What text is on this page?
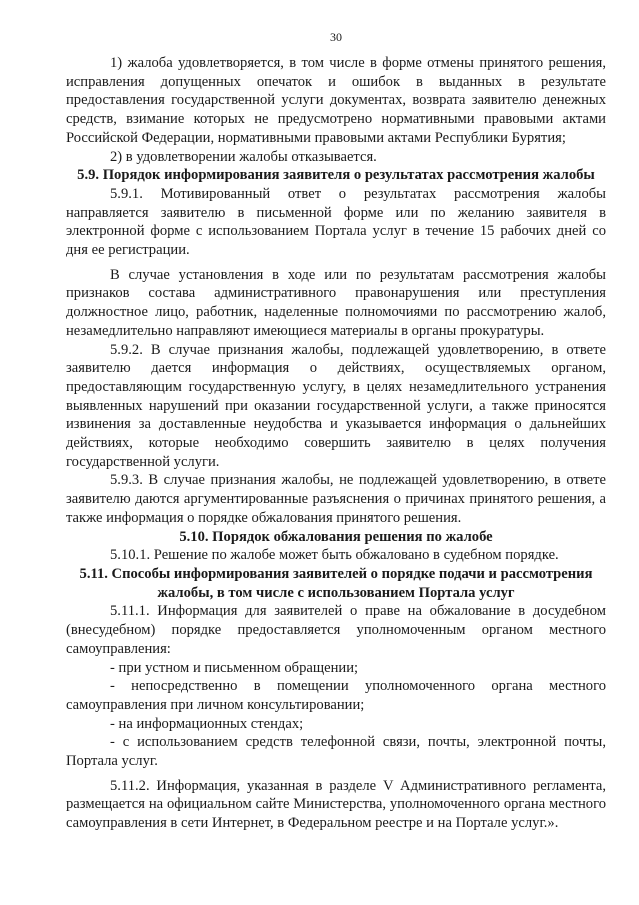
30

1) жалоба удовлетворяется, в том числе в форме отмены принятого решения, исправления допущенных опечаток и ошибок в выданных в результате предоставления государственной услуги документах, возврата заявителю денежных средств, взимание которых не предусмотрено нормативными правовыми актами Российской Федерации, нормативными правовыми актами Республики Бурятия;

2) в удовлетворении жалобы отказывается.

5.9. Порядок информирования заявителя о результатах рассмотрения жалобы

5.9.1. Мотивированный ответ о результатах рассмотрения жалобы направляется заявителю в письменной форме или по желанию заявителя в электронной форме с использованием Портала услуг в течение 15 рабочих дней со дня ее регистрации.

В случае установления в ходе или по результатам рассмотрения жалобы признаков состава административного правонарушения или преступления должностное лицо, работник, наделенные полномочиями по рассмотрению жалоб, незамедлительно направляют имеющиеся материалы в органы прокуратуры.

5.9.2. В случае признания жалобы, подлежащей удовлетворению, в ответе заявителю дается информация о действиях, осуществляемых органом, предоставляющим государственную услугу, в целях незамедлительного устранения выявленных нарушений при оказании государственной услуги, а также приносятся извинения за доставленные неудобства и указывается информация о дальнейших действиях, которые необходимо совершить заявителю в целях получения государственной услуги.

5.9.3. В случае признания жалобы, не подлежащей удовлетворению, в ответе заявителю даются аргументированные разъяснения о причинах принятого решения, а также информация о порядке обжалования принятого решения.

5.10. Порядок обжалования решения по жалобе

5.10.1. Решение по жалобе может быть обжаловано в судебном порядке.

5.11. Способы информирования заявителей о порядке подачи и рассмотрения жалобы, в том числе с использованием Портала услуг

5.11.1. Информация для заявителей о праве на обжалование в досудебном (внесудебном) порядке предоставляется уполномоченным органом местного самоуправления:

- при устном и письменном обращении;

- непосредственно в помещении уполномоченного органа местного самоуправления при личном консультировании;

- на информационных стендах;

- с использованием средств телефонной связи, почты, электронной почты, Портала услуг.

5.11.2. Информация, указанная в разделе V Административного регламента, размещается на официальном сайте Министерства, уполномоченного органа местного самоуправления в сети Интернет, в Федеральном реестре и на Портале услуг.».
